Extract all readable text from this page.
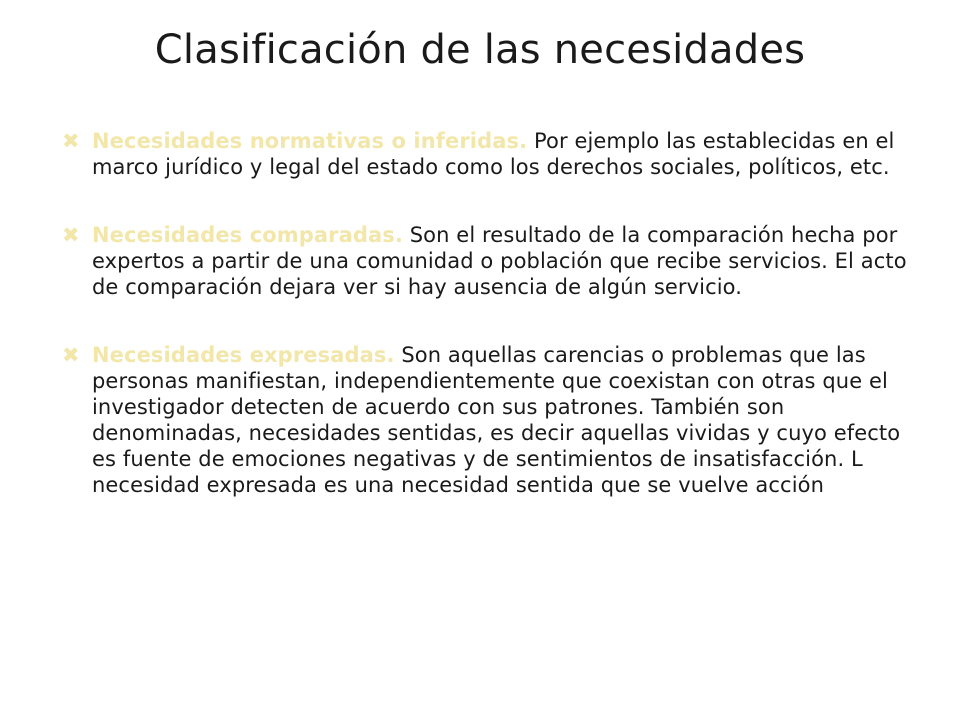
Clasificación de las necesidades
✖ Necesidades normativas o inferidas. Por ejemplo las establecidas en el marco jurídico y legal del estado como los derechos sociales, políticos, etc.

✖ Necesidades comparadas. Son el resultado de la comparación hecha por expertos a partir de una comunidad o población que recibe servicios. El acto de comparación dejara ver si hay ausencia de algún servicio.

✖ Necesidades expresadas. Son aquellas carencias o problemas que las personas manifiestan, independientemente que coexistan con otras que el investigador detecten de acuerdo con sus patrones. También son denominadas, necesidades sentidas, es decir aquellas vividas y cuyo efecto es fuente de emociones negativas y de sentimientos de insatisfacción. L necesidad expresada es una necesidad sentida que se vuelve acción
